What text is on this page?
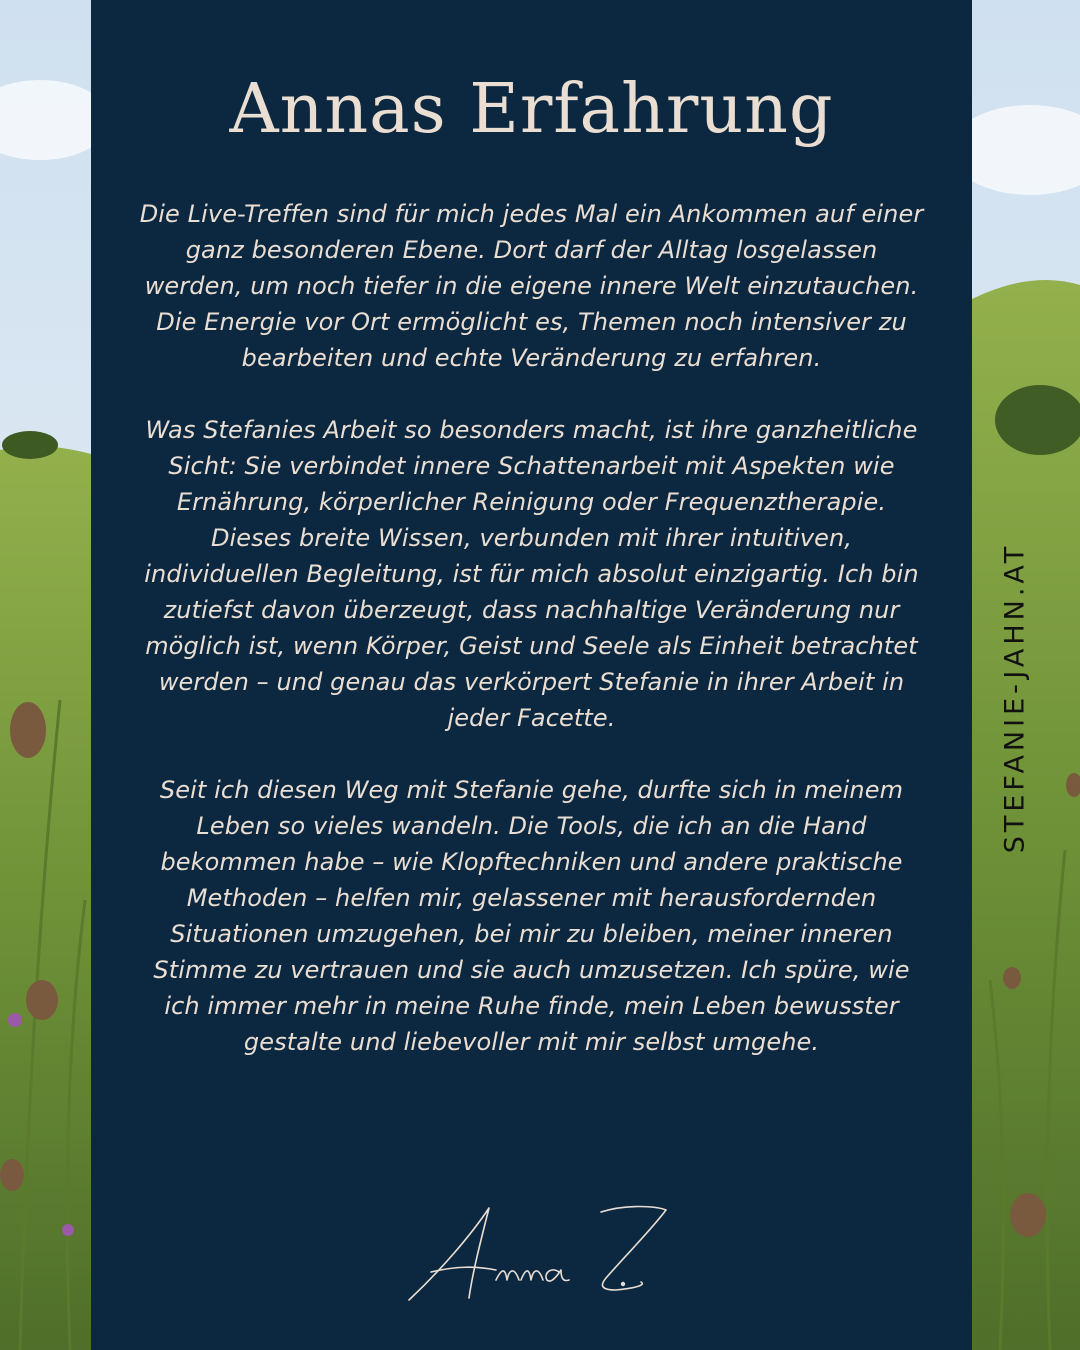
Annas Erfahrung

Die Live-Treffen sind für mich jedes Mal ein Ankommen auf einer ganz besonderen Ebene. Dort darf der Alltag losgelassen werden, um noch tiefer in die eigene innere Welt einzutauchen. Die Energie vor Ort ermöglicht es, Themen noch intensiver zu bearbeiten und echte Veränderung zu erfahren.

Was Stefanies Arbeit so besonders macht, ist ihre ganzheitliche Sicht: Sie verbindet innere Schattenarbeit mit Aspekten wie Ernährung, körperlicher Reinigung oder Frequenztherapie. Dieses breite Wissen, verbunden mit ihrer intuitiven, individuellen Begleitung, ist für mich absolut einzigartig. Ich bin zutiefst davon überzeugt, dass nachhaltige Veränderung nur möglich ist, wenn Körper, Geist und Seele als Einheit betrachtet werden – und genau das verkörpert Stefanie in ihrer Arbeit in jeder Facette.

Seit ich diesen Weg mit Stefanie gehe, durfte sich in meinem Leben so vieles wandeln. Die Tools, die ich an die Hand bekommen habe – wie Klopftechniken und andere praktische Methoden – helfen mir, gelassener mit herausfordernden Situationen umzugehen, bei mir zu bleiben, meiner inneren Stimme zu vertrauen und sie auch umzusetzen. Ich spüre, wie ich immer mehr in meine Ruhe finde, mein Leben bewusster gestalte und liebevoller mit mir selbst umgehe.

STEFANIE-JAHN.AT
